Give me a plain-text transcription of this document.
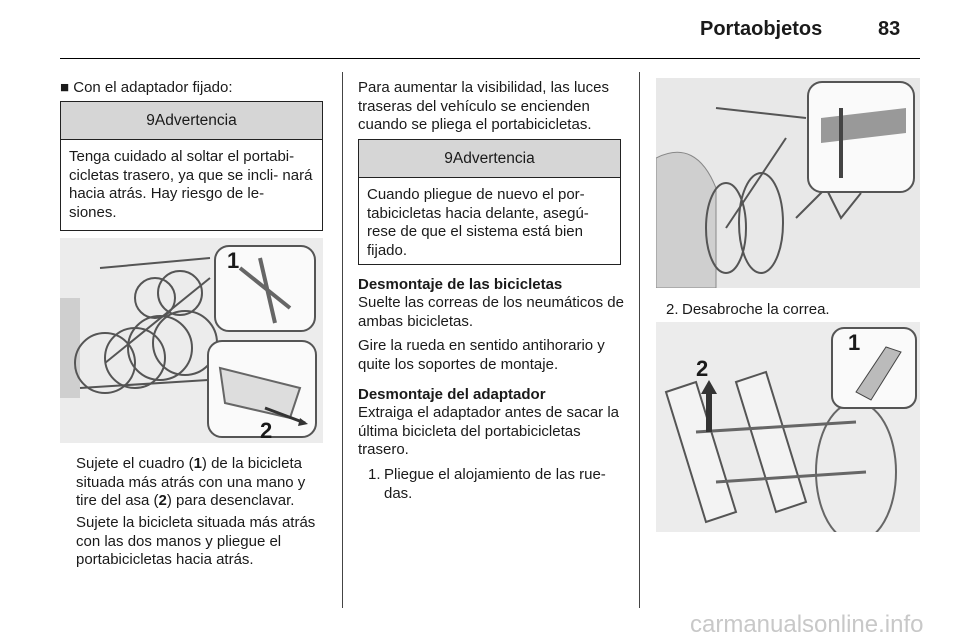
Portaobjetos	83
■ Con el adaptador fijado:
9 Advertencia
Tenga cuidado al soltar el portabi- cicletas trasero, ya que se incli- nará hacia atrás. Hay riesgo de le- siones.
1
2
Sujete el cuadro (1) de la bicicleta situada más atrás con una mano y tire del asa (2) para desenclavar.
Sujete la bicicleta situada más atrás con las dos manos y pliegue el portabicicletas hacia atrás.
Para aumentar la visibilidad, las luces traseras del vehículo se encienden cuando se pliega el portabicicletas.
9 Advertencia
Cuando pliegue de nuevo el por- tabicicletas hacia delante, asegú- rese de que el sistema está bien fijado.
Desmontaje de las bicicletas
Suelte las correas de los neumáticos de ambas bicicletas.
Gire la rueda en sentido antihorario y quite los soportes de montaje.
Desmontaje del adaptador
Extraiga el adaptador antes de sacar la última bicicleta del portabicicletas trasero.
1. Pliegue el alojamiento de las rue- das.
2. Desabroche la correa.
2
1
carmanualsonline.info
